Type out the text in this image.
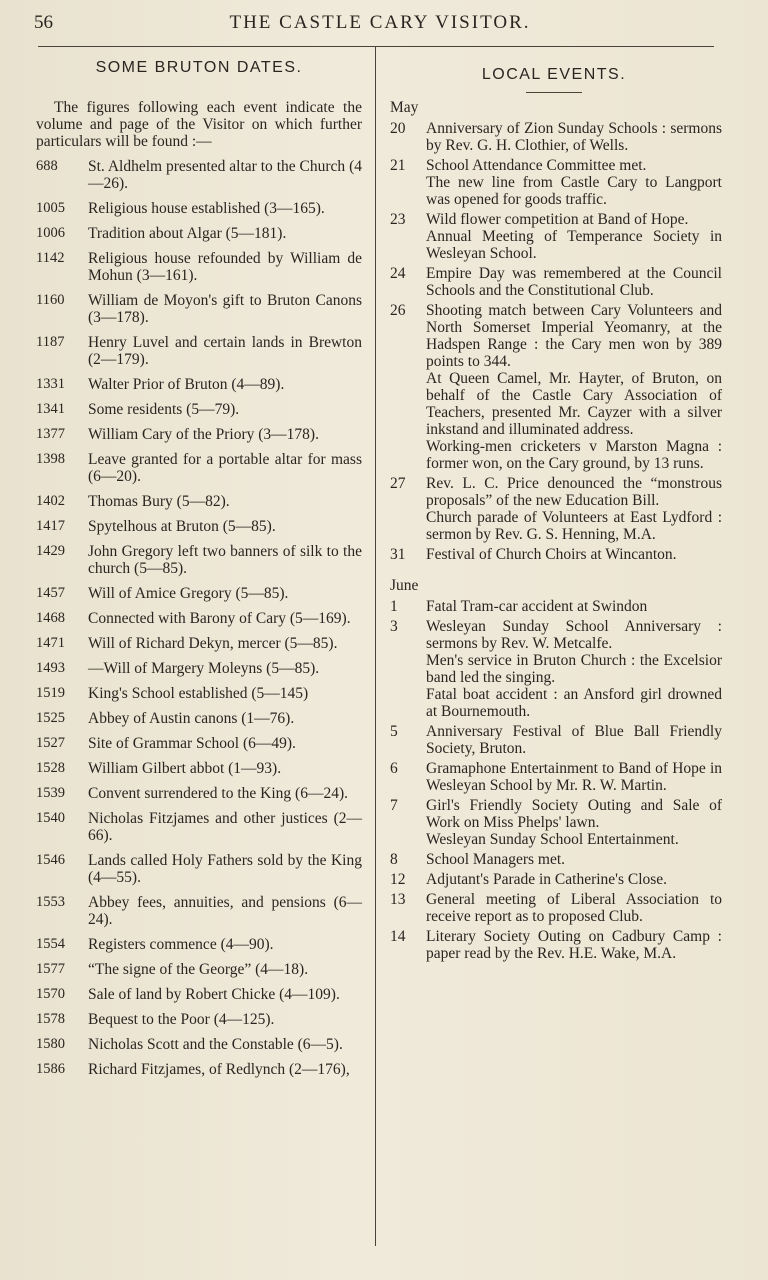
56	THE CASTLE CARY VISITOR.
SOME BRUTON DATES.

The figures following each event indicate the volume and page of the Visitor on which further particulars will be found :—

688	St. Aldhelm presented altar to the Church (4—26).
1005	Religious house established (3—165).
1006	Tradition about Algar (5—181).
1142	Religious house refounded by William de Mohun (3—161).
1160	William de Moyon's gift to Bruton Canons (3—178).
1187	Henry Luvel and certain lands in Brewton (2—179).
1331	Walter Prior of Bruton (4—89).
1341	Some residents (5—79).
1377	William Cary of the Priory (3—178).
1398	Leave granted for a portable altar for mass (6—20).
1402	Thomas Bury (5—82).
1417	Spytelhous at Bruton (5—85).
1429	John Gregory left two banners of silk to the church (5—85).
1457	Will of Amice Gregory (5—85).
1468	Connected with Barony of Cary (5—169).
1471	Will of Richard Dekyn, mercer (5—85).
1493	—Will of Margery Moleyns (5—85).
1519	King's School established (5—145)
1525	Abbey of Austin canons (1—76).
1527	Site of Grammar School (6—49).
1528	William Gilbert abbot (1—93).
1539	Convent surrendered to the King (6—24).
1540	Nicholas Fitzjames and other justices (2—66).
1546	Lands called Holy Fathers sold by the King (4—55).
1553	Abbey fees, annuities, and pensions (6—24).
1554	Registers commence (4—90).
1577	“The signe of the George” (4—18).
1570	Sale of land by Robert Chicke (4—109).
1578	Bequest to the Poor (4—125).
1580	Nicholas Scott and the Constable (6—5).
1586	Richard Fitzjames, of Redlynch (2—176),
LOCAL EVENTS.
May
20	Anniversary of Zion Sunday Schools : sermons by Rev. G. H. Clothier, of Wells.
21	School Attendance Committee met.
The new line from Castle Cary to Langport was opened for goods traffic.
23	Wild flower competition at Band of Hope.
Annual Meeting of Temperance Society in Wesleyan School.
24	Empire Day was remembered at the Council Schools and the Constitutional Club.
26	Shooting match between Cary Volunteers and North Somerset Imperial Yeomanry, at the Hadspen Range : the Cary men won by 389 points to 344.
At Queen Camel, Mr. Hayter, of Bruton, on behalf of the Castle Cary Association of Teachers, presented Mr. Cayzer with a silver inkstand and illuminated address.
Working-men cricketers v Marston Magna : former won, on the Cary ground, by 13 runs.
27	Rev. L. C. Price denounced the “monstrous proposals” of the new Education Bill.
Church parade of Volunteers at East Lydford : sermon by Rev. G. S. Henning, M.A.
31	Festival of Church Choirs at Wincanton.
June
1	Fatal Tram-car accident at Swindon
3	Wesleyan Sunday School Anniversary : sermons by Rev. W. Metcalfe.
Men's service in Bruton Church : the Excelsior band led the singing.
Fatal boat accident : an Ansford girl drowned at Bournemouth.
5	Anniversary Festival of Blue Ball Friendly Society, Bruton.
6	Gramaphone Entertainment to Band of Hope in Wesleyan School by Mr. R. W. Martin.
7	Girl's Friendly Society Outing and Sale of Work on Miss Phelps' lawn.
Wesleyan Sunday School Entertainment.
8	School Managers met.
12	Adjutant's Parade in Catherine's Close.
13	General meeting of Liberal Association to receive report as to proposed Club.
14	Literary Society Outing on Cadbury Camp : paper read by the Rev. H.E. Wake, M.A.
